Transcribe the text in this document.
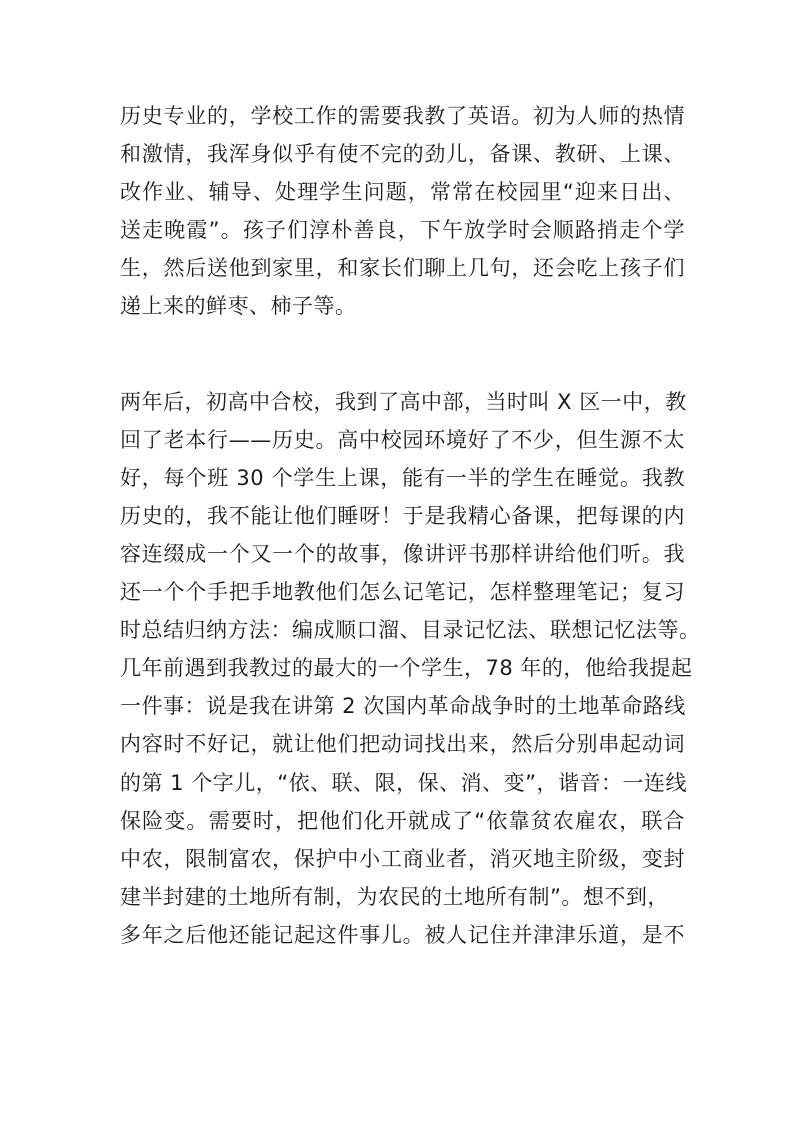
历史专业的，学校工作的需要我教了英语。初为人师的热情
和激情，我浑身似乎有使不完的劲儿，备课、教研、上课、
改作业、辅导、处理学生问题，常常在校园里“迎来日出、
送走晚霞”。孩子们淳朴善良，下午放学时会顺路捎走个学
生，然后送他到家里，和家长们聊上几句，还会吃上孩子们
递上来的鲜枣、柿子等。
两年后，初高中合校，我到了高中部，当时叫 X 区一中，教
回了老本行——历史。高中校园环境好了不少，但生源不太
好，每个班 30 个学生上课，能有一半的学生在睡觉。我教
历史的，我不能让他们睡呀！于是我精心备课，把每课的内
容连缀成一个又一个的故事，像讲评书那样讲给他们听。我
还一个个手把手地教他们怎么记笔记，怎样整理笔记；复习
时总结归纳方法：编成顺口溜、目录记忆法、联想记忆法等。
几年前遇到我教过的最大的一个学生，78 年的，他给我提起
一件事：说是我在讲第 2 次国内革命战争时的土地革命路线
内容时不好记，就让他们把动词找出来，然后分别串起动词
的第 1 个字儿，“依、联、限，保、消、变”，谐音：一连线
保险变。需要时，把他们化开就成了“依靠贫农雇农，联合
中农，限制富农，保护中小工商业者，消灭地主阶级，变封
建半封建的土地所有制，为农民的土地所有制”。想不到，
多年之后他还能记起这件事儿。被人记住并津津乐道，是不
